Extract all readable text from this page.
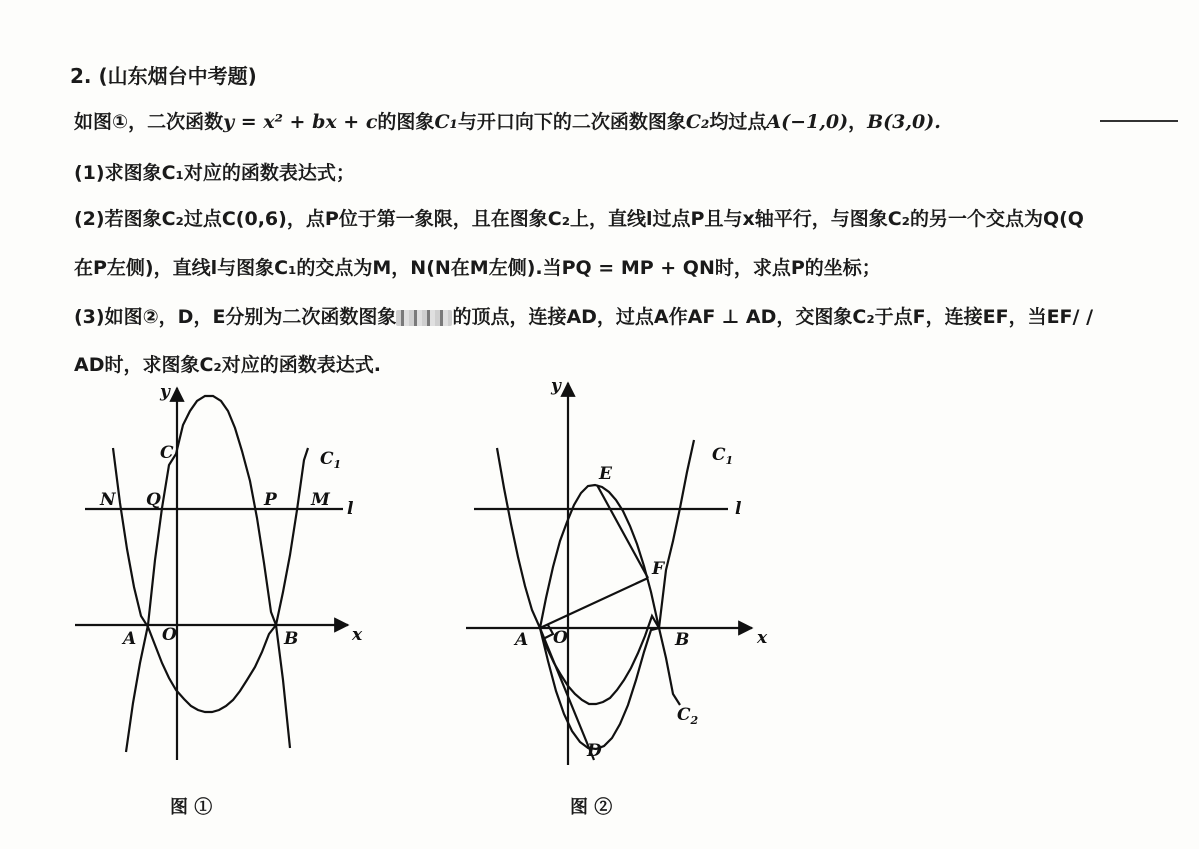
2. (山东烟台中考题)
如图①，二次函数y = x² + bx + c的图象C₁与开口向下的二次函数图象C₂均过点A(−1,0)，B(3,0).
(1)求图象C₁对应的函数表达式；
(2)若图象C₂过点C(0,6)，点P位于第一象限，且在图象C₂上，直线l过点P且与x轴平行，与图象C₂的另一个交点为Q(Q
在P左侧)，直线l与图象C₁的交点为M，N(N在M左侧).当PQ = MP + QN时，求点P的坐标；
(3)如图②，D，E分别为二次函数图象	的顶点，连接AD，过点A作AF ⊥ AD，交图象C₂于点F，连接EF，当EF/ /
AD时，求图象C₂对应的函数表达式.
y
x
C	$C_1$
N Q	P M l
A O	B
y
x
E
$C_1$
l
F
A O	B
$C_2$
D
图 ①	图 ②
